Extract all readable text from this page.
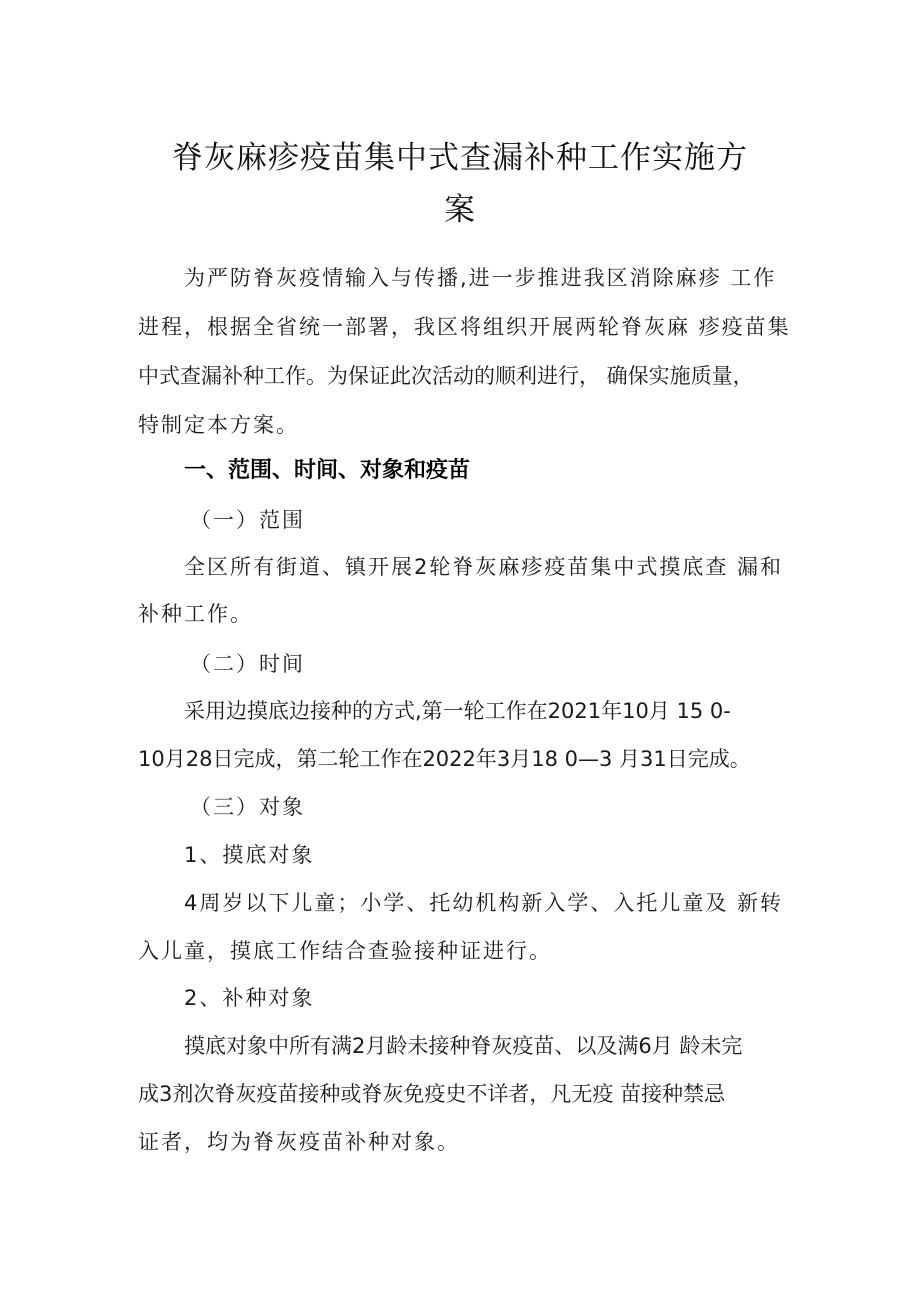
脊灰麻疹疫苗集中式查漏补种工作实施方
案
为严防脊灰疫情输入与传播,进一步推进我区消除麻疹 工作
进程，根据全省统一部署，我区将组织开展两轮脊灰麻 疹疫苗集
中式查漏补种工作。为保证此次活动的顺利进行， 确保实施质量，
特制定本方案。
一、范围、时间、对象和疫苗
（一）范围
全区所有街道、镇开展2轮脊灰麻疹疫苗集中式摸底查 漏和
补种工作。
（二）时间
采用边摸底边接种的方式,第一轮工作在2021年10月 15 0-
10月28日完成，第二轮工作在2022年3月18 0—3 月31日完成。
（三）对象
1、摸底对象
4周岁以下儿童；小学、托幼机构新入学、入托儿童及 新转
入儿童，摸底工作结合查验接种证进行。
2、补种对象
摸底对象中所有满2月龄未接种脊灰疫苗、以及满6月 龄未完
成3剂次脊灰疫苗接种或脊灰免疫史不详者，凡无疫 苗接种禁忌
证者，均为脊灰疫苗补种对象。
